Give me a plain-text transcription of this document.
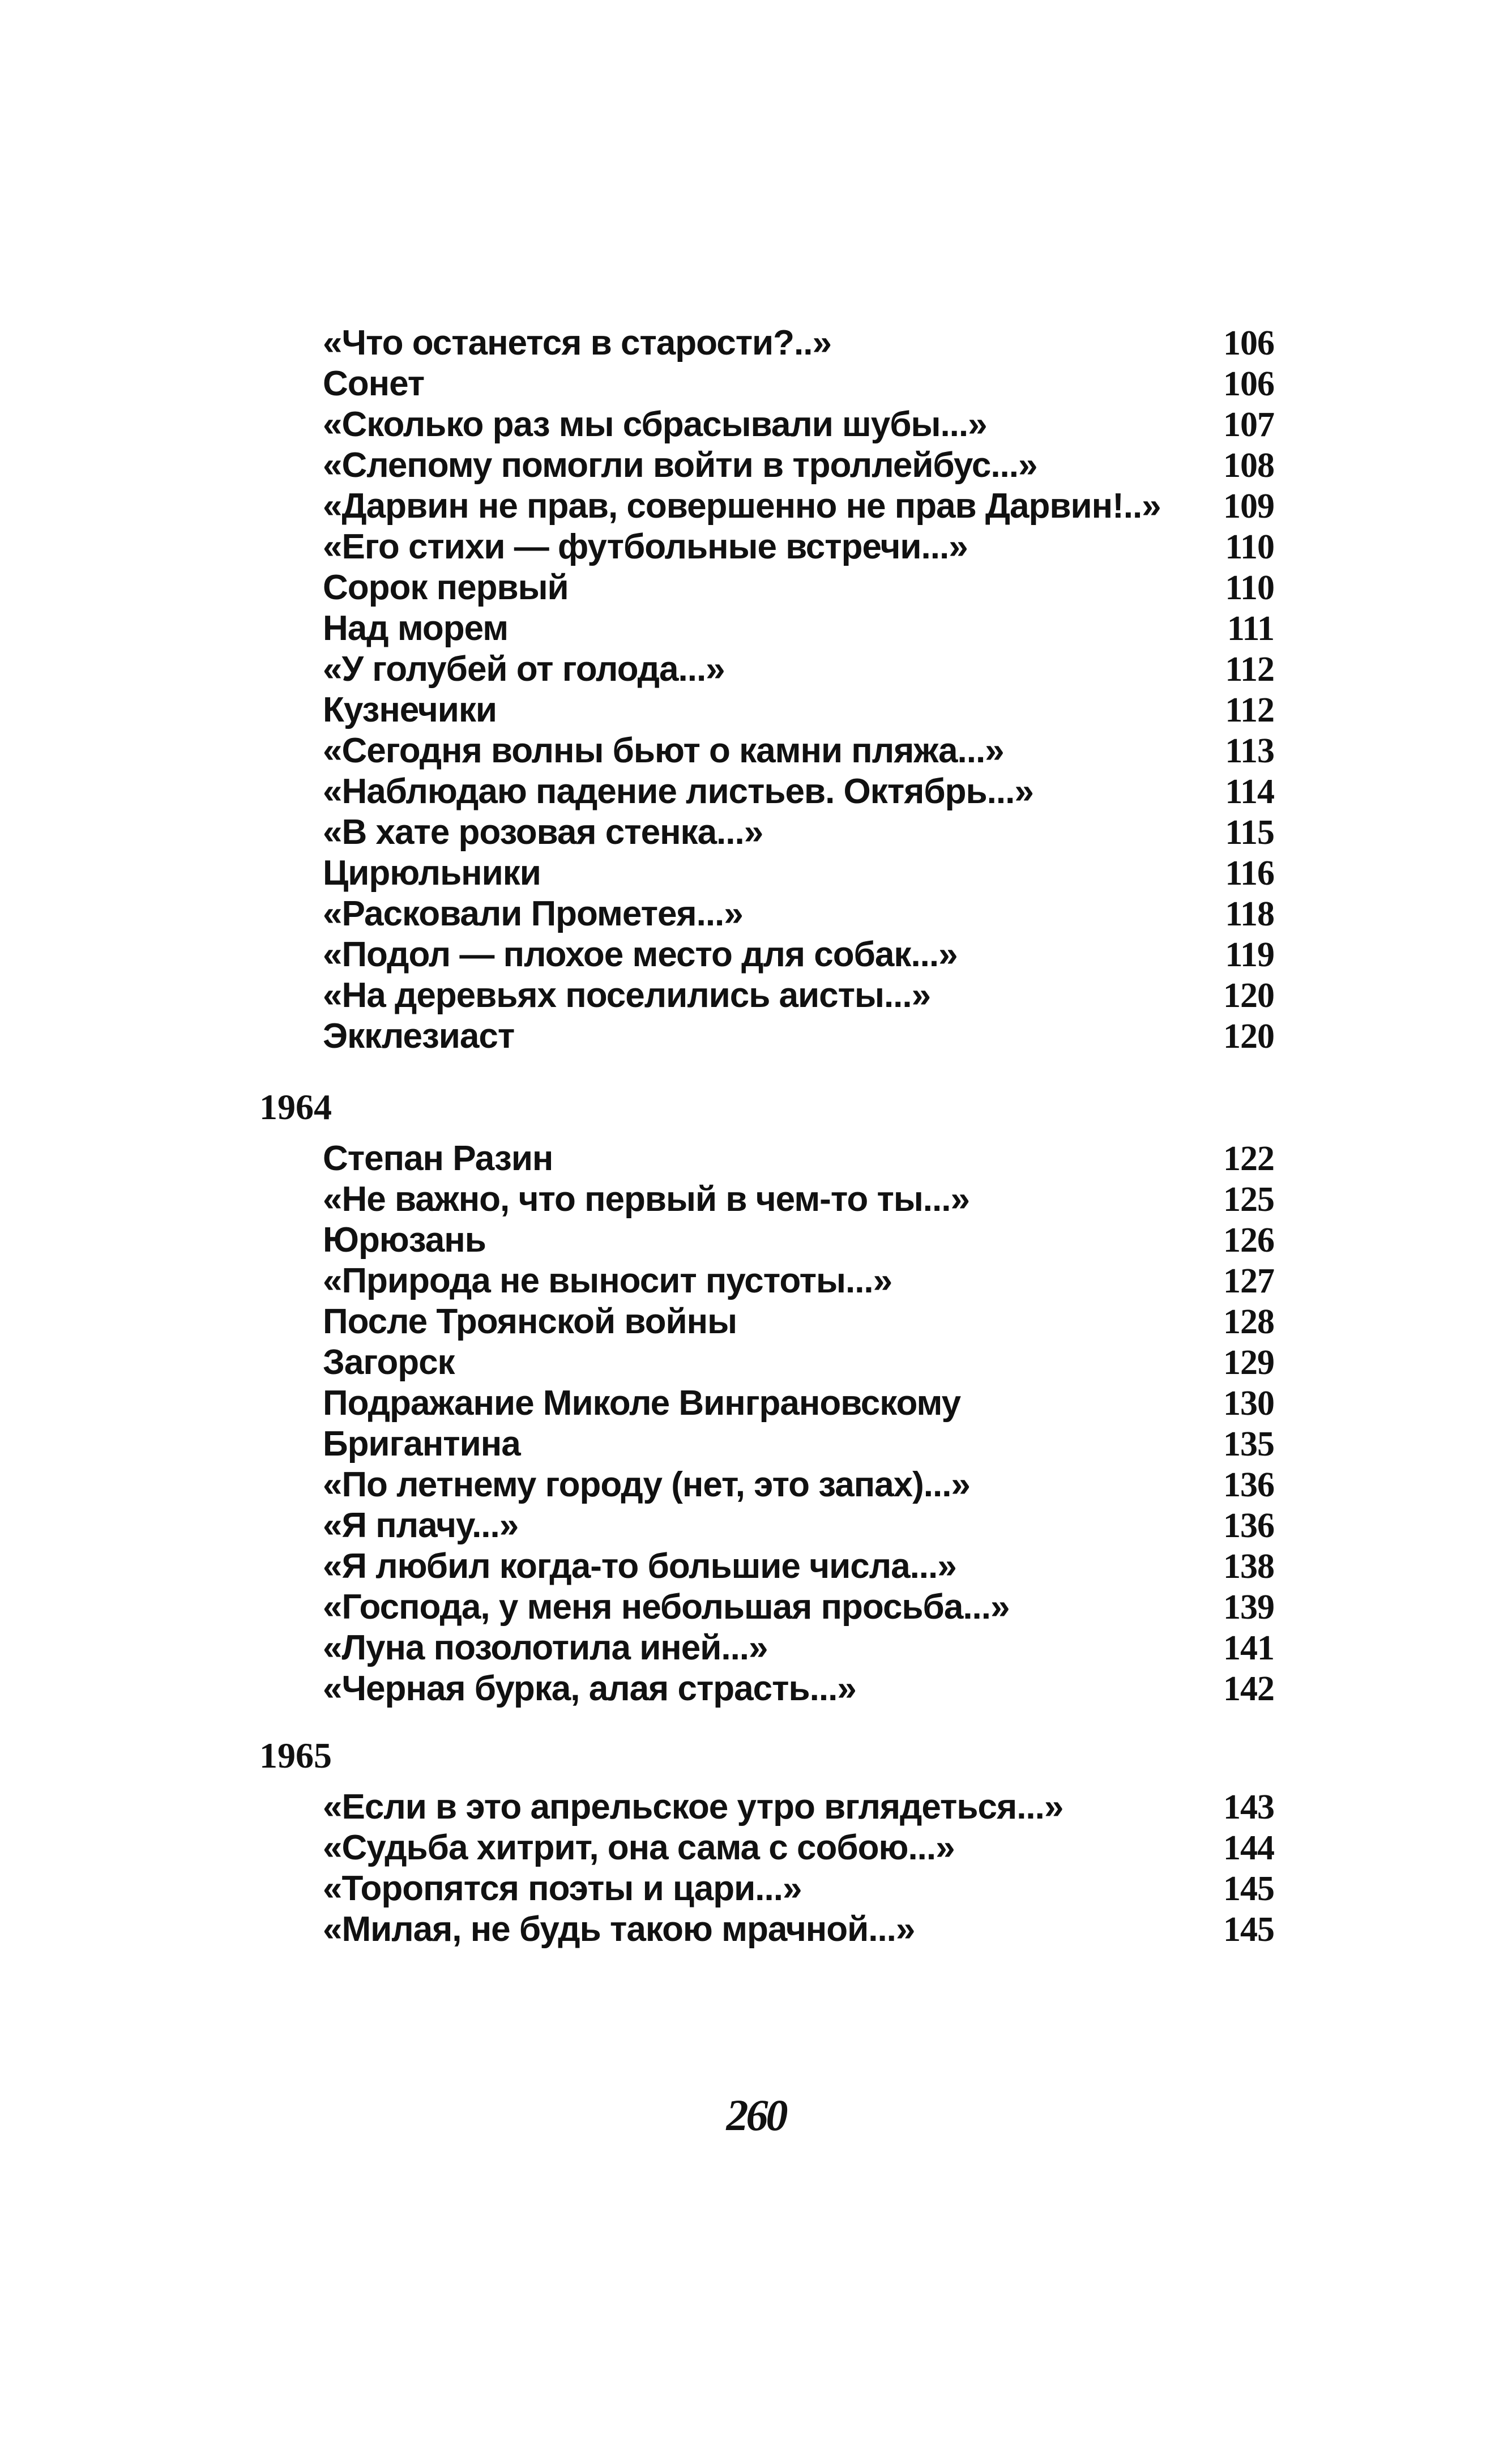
«Что останется в старости?..»	106
Сонет	106
«Сколько раз мы сбрасывали шубы...»	107
«Слепому помогли войти в троллейбус...»	108
«Дарвин не прав, совершенно не прав Дарвин!..»	109
«Его стихи — футбольные встречи...»	110
Сорок первый	110
Над морем	111
«У голубей от голода...»	112
Кузнечики	112
«Сегодня волны бьют о камни пляжа...»	113
«Наблюдаю падение листьев. Октябрь...»	114
«В хате розовая стенка...»	115
Цирюльники	116
«Расковали Прометея...»	118
«Подол — плохое место для собак...»	119
«На деревьях поселились аисты...»	120
Экклезиаст	120
1964
Степан Разин	122
«Не важно, что первый в чем-то ты...»	125
Юрюзань	126
«Природа не выносит пустоты...»	127
После Троянской войны	128
Загорск	129
Подражание Миколе Винграновскому	130
Бригантина	135
«По летнему городу (нет, это запах)...»	136
«Я плачу...»	136
«Я любил когда-то большие числа...»	138
«Господа, у меня небольшая просьба...»	139
«Луна позолотила иней...»	141
«Черная бурка, алая страсть...»	142
1965
«Если в это апрельское утро вглядеться...»	143
«Судьба хитрит, она сама с собою...»	144
«Торопятся поэты и цари...»	145
«Милая, не будь такою мрачной...»	145
260
